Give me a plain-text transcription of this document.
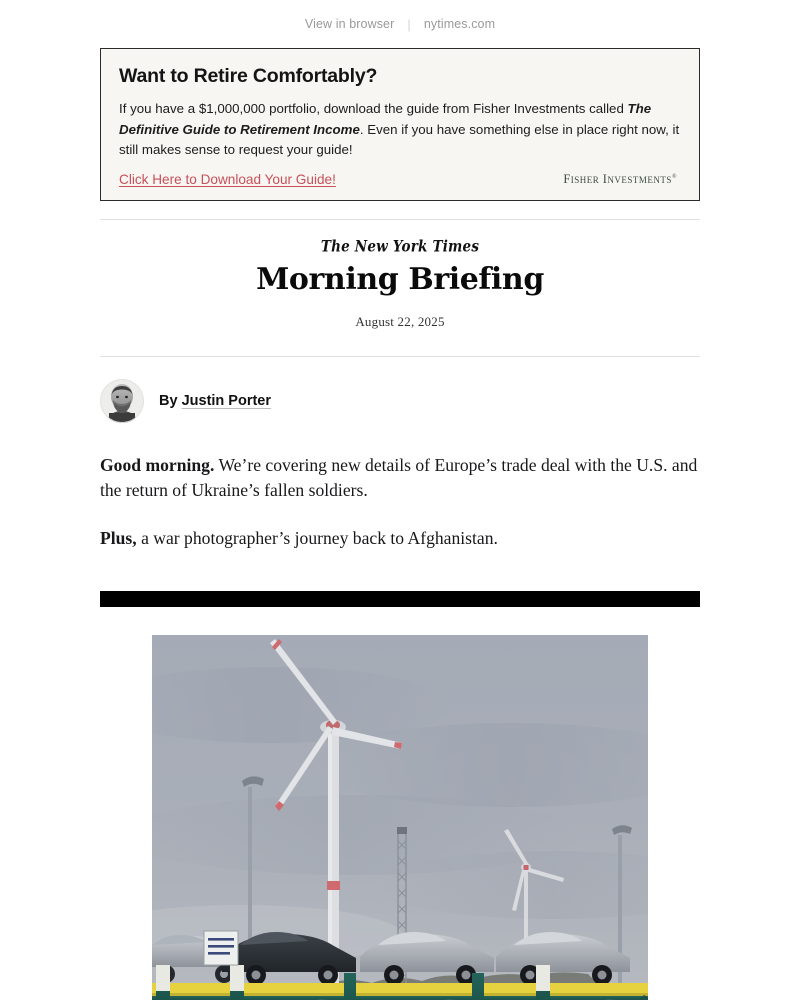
View in browser | nytimes.com
Want to Retire Comfortably?
If you have a $1,000,000 portfolio, download the guide from Fisher Investments called The Definitive Guide to Retirement Income. Even if you have something else in place right now, it still makes sense to request your guide!
Click Here to Download Your Guide!	Fisher Investments®
The New York Times
Morning Briefing

August 22, 2025

By Justin Porter

Good morning. We’re covering new details of Europe’s trade deal with the U.S. and the return of Ukraine’s fallen soldiers.

Plus, a war photographer’s journey back to Afghanistan.
